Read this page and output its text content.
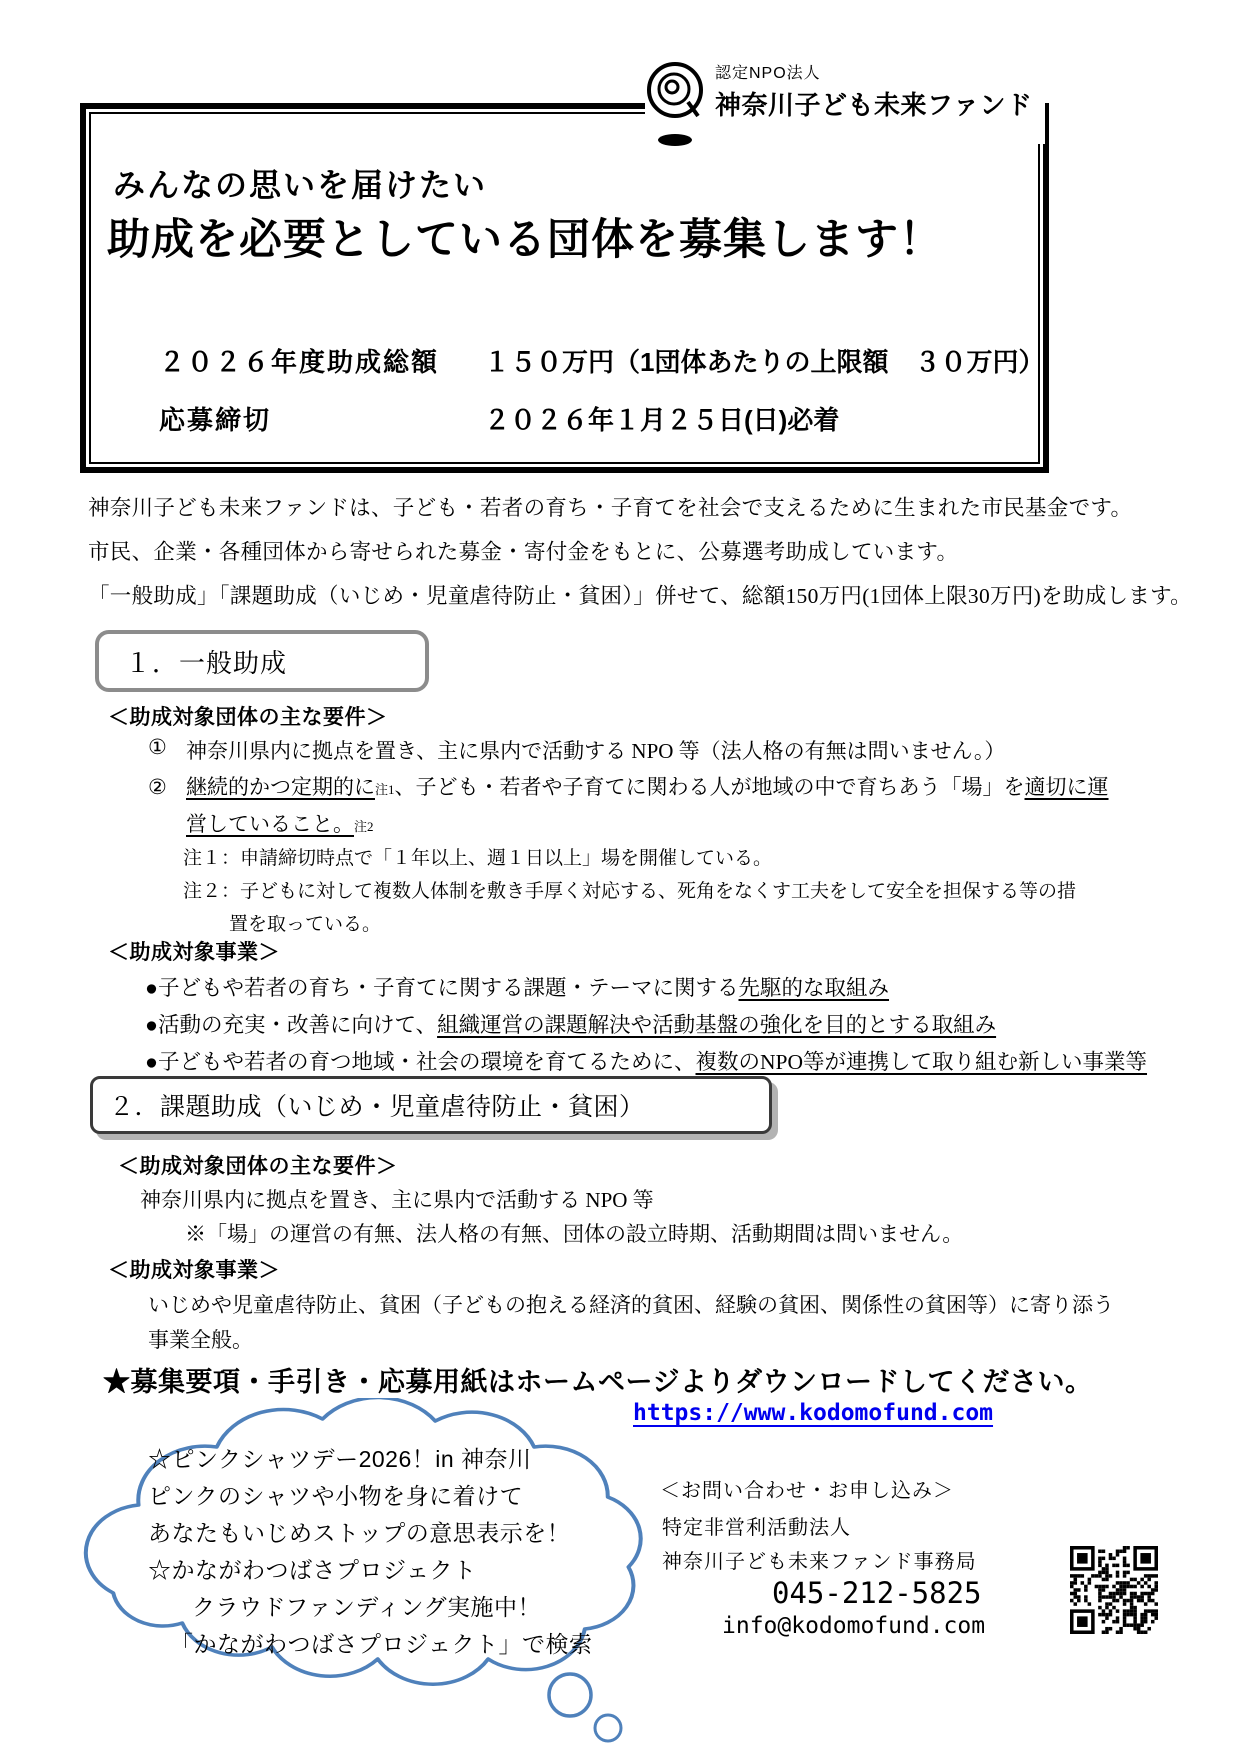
みんなの思いを届けたい
助成を必要としている団体を募集します！
２０２６年度助成総額 １５０万円（1団体あたりの上限額　３０万円）
応募締切	２０２６年１月２５日(日)必着
認定NPO法人
神奈川子ども未来ファンド
神奈川子ども未来ファンドは、子ども・若者の育ち・子育てを社会で支えるために生まれた市民基金です。
市民、企業・各種団体から寄せられた募金・寄付金をもとに、公募選考助成しています。
「一般助成」「課題助成（いじめ・児童虐待防止・貧困）」併せて、総額150万円(1団体上限30万円)を助成します。
１．一般助成
＜助成対象団体の主な要件＞
① 神奈川県内に拠点を置き、主に県内で活動する NPO 等（法人格の有無は問いません。）
② 継続的かつ定期的に注1、子ども・若者や子育てに関わる人が地域の中で育ちあう「場」を適切に運
営していること。注2
注１：申請締切時点で「１年以上、週１日以上」場を開催している。
注２：子どもに対して複数人体制を敷き手厚く対応する、死角をなくす工夫をして安全を担保する等の措
置を取っている。
＜助成対象事業＞
●子どもや若者の育ち・子育てに関する課題・テーマに関する先駆的な取組み
●活動の充実・改善に向けて、組織運営の課題解決や活動基盤の強化を目的とする取組み
●子どもや若者の育つ地域・社会の環境を育てるために、複数のNPO等が連携して取り組む新しい事業等
２．課題助成（いじめ・児童虐待防止・貧困）
＜助成対象団体の主な要件＞
神奈川県内に拠点を置き、主に県内で活動する NPO 等
※「場」の運営の有無、法人格の有無、団体の設立時期、活動期間は問いません。
＜助成対象事業＞
いじめや児童虐待防止、貧困（子どもの抱える経済的貧困、経験の貧困、関係性の貧困等）に寄り添う
事業全般。
★募集要項・手引き・応募用紙はホームページよりダウンロードしてください。
☆ピンクシャツデー2026！in 神奈川
ピンクのシャツや小物を身に着けて
あなたもいじめストップの意思表示を！
☆かながわつばさプロジェクト
クラウドファンディング実施中！
「かながわつばさプロジェクト」で検索
https://www.kodomofund.com
＜お問い合わせ・お申し込み＞
特定非営利活動法人
神奈川子ども未来ファンド事務局
045-212-5825
info@kodomofund.com
